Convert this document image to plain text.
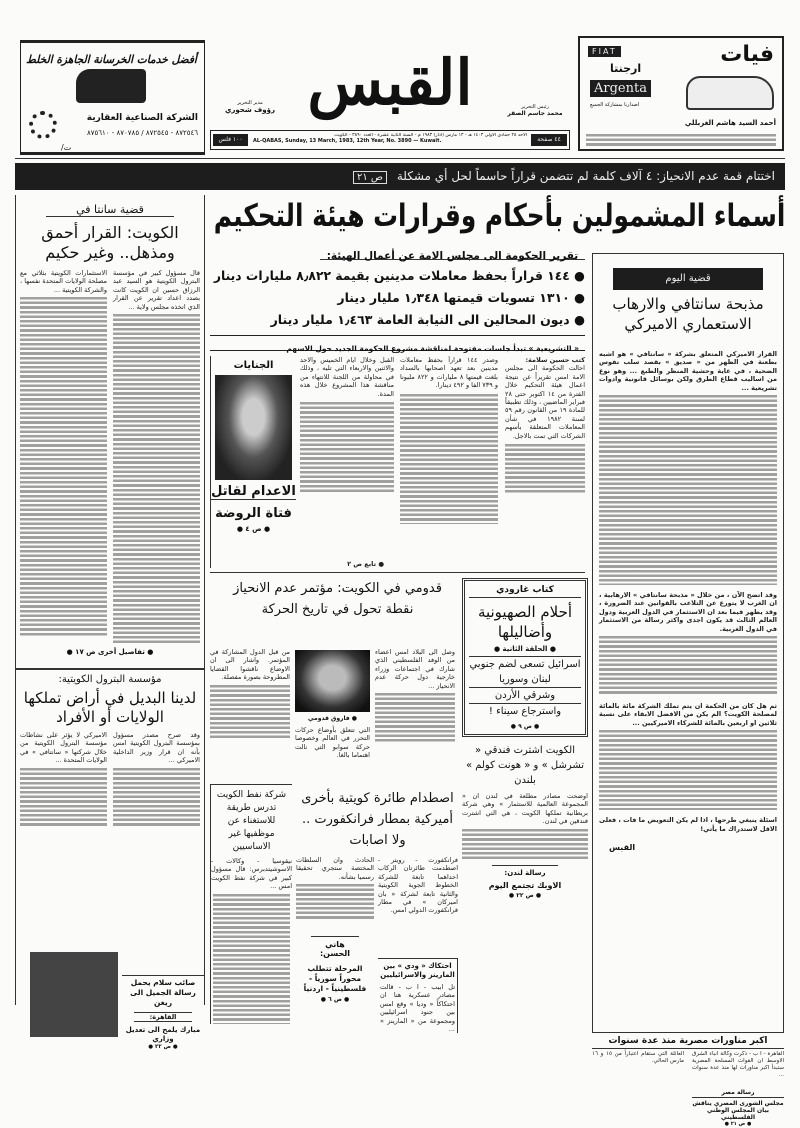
أفضل خدمات الخرسانة الجاهزة الخلط
الشركة الصناعية العقارية
٨٧٢٥٤٦ - ٨٧٢٥٤٥ / ٨٧٠٧٨٥ - ٨٧٥٦١٠
ت/
مدير التحرير
رؤوف شحوري القبس	رئيس التحرير
محمد جاسم الصقر
الاحد ٢٨ جمادى الاولى ١٤٠٣ هـ - ١٣ مارس (اذار) ١٩٨٣ م - السنة الثانية عشرة - العدد ٣٨٩٠ - الكويت
AL-QABAS, Sunday, 13 March, 1983, 12th Year, No. 3890 — Kuwait.	٤٤ صفحة
١٠٠ فلس
فيات
FIAT
ارجنتا
Argenta
اصدارنا بمشاركة الجميع
أحمد السيد هاشم الغربللي
اختتام قمة عدم الانحياز: ٤ آلاف كلمة لم تتضمن قراراً حاسماً لحل أي مشكلة ص ٢١
أسماء المشمولين بأحكام وقرارات هيئة التحكيم
تقرير الحكومة الى مجلس الامة عن أعمال الهيئة:
● ١٤٤ قراراً بحفظ معاملات مدينين بقيمة ٨٫٨٢٢ مليارات دينار
● ١٣١٠ تسويات قيمتها ١٫٣٤٨ مليار دينار
● ديون المحالين الى النيابة العامة ١٫٤٦٣ مليار دينار
« التشريعية » تبدأ جلسات مفتوحة لمناقشة مشروع الحكومة الجديد حول الاسهم
كتب حسين سلامة:
احالت الحكومة الى مجلس الامة امس تقريراً عن نتيجة اعمال هيئة التحكيم خلال الفترة من ١٤ اكتوبر حتى ٢٨ فبراير الماضيين ، وذلك تطبيقاً للمادة ١٩ من القانون رقم ٥٩ لسنة ١٩٨٢ في شأن المعاملات المتعلقة بأسهم الشركات التي تمت بالاجل.
وصدر ١٤٤ قراراً بحفظ معاملات مدينين بعد تعهد اصحابها بالسداد بلغت قيمتها ٨ مليارات و ٨٢٢ مليونا و ٧٣٩ الفا و ٤٩٢ دينارا.
القبل وخلال ايام الخميس والاحد والاثنين والاربعاء التي تليه ، وذلك في محاولة من اللجنة للانتهاء من مناقشة هذا المشروع خلال هذه المدة.
● تابع ص ٢
الجنايات
الاعدام لقاتل
فتاة الروضة
● ص ٤ ●
قدومي في الكويت: مؤتمر عدم الانحياز نقطة تحول في تاريخ الحركة
وصل الى البلاد امس اعضاء من الوفد الفلسطيني الذي شارك في اجتماعات وزراء خارجية دول حركة عدم الانحياز ...
● فاروق قدومي
التي تتعلق بأوضاع حركات التحرر في العالم وخصوصا حركة سوابو التي نالت اهتماما بالغا.
من قبل الدول المشاركة في المؤتمر. واشار الى ان الاوضاع ناقشوا القضايا المطروحة بصورة مفصلة.
شركة نفط الكويت تدرس طريقة للاستغناء عن موظفيها غير الاساسيين
نيقوسيا - وكالات - الاسوشيتدبرس: قال مسؤول كبير في شركة نفط الكويت امس ...
اصطدام طائرة كويتية بأخرى أميركية بمطار فرانكفورت .. ولا اصابات
فرانكفورت - رويتر - اصطدمت طائرتان الركاب احداهما تابعة للشركة الخطوط الجوية الكويتية والثانية تابعة لشركة « بان اميركان » في مطار فرانكفورت الدولي امس.
الحادث وان السلطات المختصة ستجري تحقيقا رسميا بشأنه.
هاني الحسن:
المرحلة تتطلب محوراً سورياً - فلسطينياً - اردنياً
● ص ٦ ●
احتكاك « ودي » بين المارينز والاسرائيليين
تل ابيب - ا ب - قالت مصادر عسكرية هنا ان احتكاكاً « وديا » وقع امس بين جنود اسرائيليين ومجموعة من « المارينز » ...
كتاب غارودي
أحلام الصهيونية وأضاليلها
● الحلقة الثانية ●
اسرائيل تسعى لضم جنوبي لبنان وسوريا
وشرقي الأردن
واسترجاع سيناء !
● ص ٩ ●
الكويت اشترت فندقي « تشرشل » و « هونت كولم » بلندن
اوضحت مصادر مطلعة في لندن ان « المجموعة العالمية للاستثمار » وهي شركة بريطانية تملكها الكويت ، هي التي اشترت فندقين في لندن.
رسالة لندن:
الاوبك تجتمع اليوم
● ص ٢٢ ●
قضية اليوم
مذبحة سانتافي والارهاب الاستعماري الاميركي
القرار الاميركي المتعلق بشركة « سانتافي » هو اشبه بطعنة في الظهر من « صديق » بقصد سلب نفوس الضحية ، في غاية وحشية المنظر والطبع ... وهو نوع من اساليب قطاع الطرق ولكن بوسائل قانونية وادوات تشريعية ...
وقد اتضح الآن ، من خلال « مذبحة سانتافي » الارهابية ، ان الغرب لا يتورع عن التلاعب بالقوانين عند الضرورة ، وقد يظهر فيما بعد ان الاستثمار في الدول العربية ودول العالم الثالث قد يكون اجدى واكثر رسالة من الاستثمار في الدول الغربية.
ثم هل كان من الحكمة ان يتم تملك الشركة مائة بالمائة لمصلحة الكويت؟ الم يكن من الافضل الابقاء على نسبة ثلاثين او اربعين بالمائة للشركاء الاميركيين ...
اسئلة ينبغي طرحها ، اذا لم يكن التعويض ما فات ، فعلى الاقل لاستدراك ما يأتي!
القبس
اكبر مناورات مصرية منذ عدة سنوات
القاهرة - ا ب - ذكرت وكالة انباء الشرق الاوسط ان القوات المسلحة المصرية ستبدأ اكبر مناورات لها منذ عدة سنوات ...
العائلة التي ستقام اعتباراً من ١٥ و ١٦ مارس الحالي.
رسالة مصر
مجلس الشورى المصري يناقش بيان المجلس الوطني الفلسطيني
● ص ٢١ ●
قضية سانتا في
الكويت: القرار أحمق ومذهل.. وغير حكيم
قال مسؤول كبير في مؤسسة البترول الكويتية هو السيد عبد الرزاق حسين ان الكويت كانت بصدد اعداد تقرير عن القرار الذي اتخذه مجلس ولاية ...
الاستثمارات الكويتية بثلاثي مع مصلحة الولايات المتحدة نفسها ، والشركة الكويتية ...
● تفاصيل أخرى ص ١٧ ●
مؤسسة البترول الكويتية:
لدينا البديل في أراض تملكها الولايات أو الأفراد
وقد صرح مصدر مسؤول بمؤسسة البترول الكويتية امس بأنه ان قرار وزير الداخلية الاميركي ...
الاميركي لا يؤثر على نشاطات مؤسسة البترول الكويتية من خلال شركتها « سانتافي » في الولايات المتحدة ...
صائب سلام يحمل رسالة الجميل الى ريغن
القاهرة:
مبارك يلمح الى تعديل وزاري
● ص ٢٢ ●
